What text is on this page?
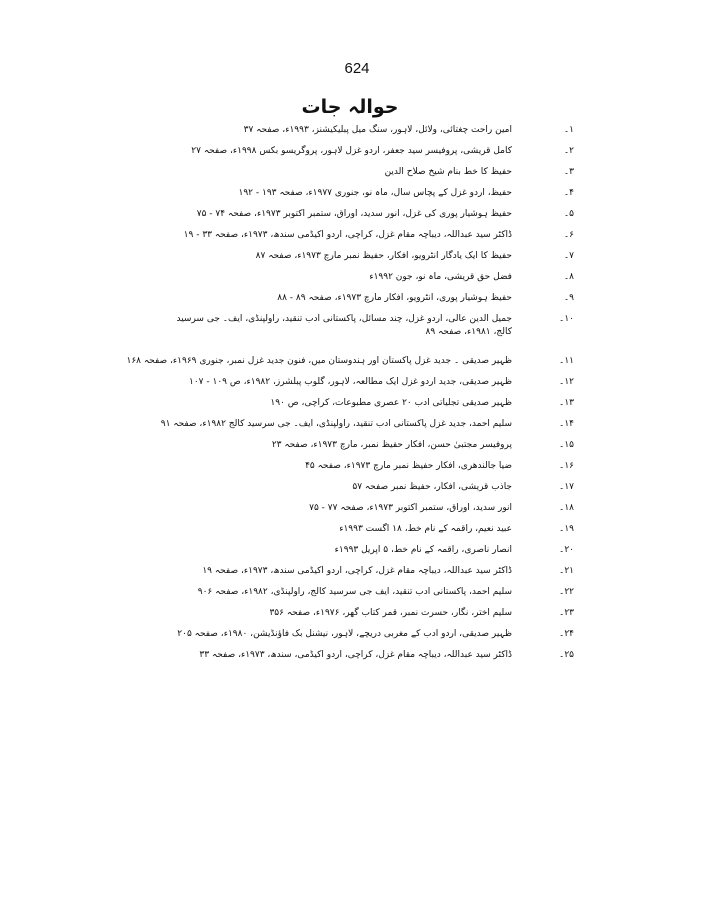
624
حوالہ جات
۱۔
امین راحت چغتائی، ولائل، لاہور، سنگ میل پبلیکیشنز، ۱۹۹۳ء، صفحہ ۳۷
۲۔
کامل قریشی، پروفیسر سید جعفر، اردو غزل لاہور، پروگریسو بکس ۱۹۹۸ء، صفحہ ۲۷
۳۔
حفیظ کا خط بنام شیخ صلاح الدین
۴۔
حفیظ، اردو غزل کے پچاس سال، ماہ نو، جنوری ۱۹۷۷ء، صفحہ ۱۹۳ - ۱۹۲
۵۔
حفیظ ہوشیار پوری کی غزل، انور سدید، اوراق، ستمبر اکتوبر ۱۹۷۳ء، صفحہ ۷۴ - ۷۵
۶۔
ڈاکٹر سید عبداللہ، دیباچہ مقام غزل، کراچی، اردو اکیڈمی سندھ، ۱۹۷۳ء، صفحہ ۳۳ - ۱۹
۷۔
حفیظ کا ایک یادگار انٹرویو، افکار، حفیظ نمبر مارچ ۱۹۷۳ء، صفحہ ۸۷
۸۔
فضل حق قریشی، ماہ نو، جون ۱۹۹۲ء
۹۔
حفیظ ہوشیار پوری، انٹرویو، افکار مارچ ۱۹۷۳ء، صفحہ ۸۹ - ۸۸
۱۰۔
جمیل الدین عالی، اردو غزل، چند مسائل، پاکستانی ادب تنقید، راولپنڈی، ایف۔ جی سرسید کالج، ۱۹۸۱ء، صفحہ ۸۹
۱۱۔
ظہیر صدیقی ۔ جدید غزل پاکستان اور ہندوستان میں، فنون جدید غزل نمبر، جنوری ۱۹۶۹ء، صفحہ ۱۶۸
۱۲۔
ظہیر صدیقی، جدید اردو غزل ایک مطالعہ، لاہور، گلوب پبلشرز، ۱۹۸۲ء، ص ۱۰۹ - ۱۰۷
۱۳۔
ظہیر صدیقی تجلیاتی ادب ۲۰ عصری مطبوعات، کراچی، ص ۱۹۰
۱۴۔
سلیم احمد، جدید غزل پاکستانی ادب تنقید، راولپنڈی، ایف۔ جی سرسید کالج ۱۹۸۲ء، صفحہ ۹۱
۱۵۔
پروفیسر مجتبیٰ حسن، افکار حفیظ نمبر، مارچ ۱۹۷۳ء، صفحہ ۲۳
۱۶۔
ضیا جالندھری، افکار حفیظ نمبر مارچ ۱۹۷۳ء، صفحہ ۴۵
۱۷۔
جاذب قریشی، افکار، حفیظ نمبر صفحہ ۵۷
۱۸۔
انور سدید، اوراق، ستمبر اکتوبر ۱۹۷۳ء، صفحہ ۷۷ - ۷۵
۱۹۔
عبید نعیم، راقمہ کے نام خط، ۱۸ اگست ۱۹۹۳ء
۲۰۔
انصار ناصری، راقمہ کے نام خط، ۵ اپریل ۱۹۹۳ء
۲۱۔
ڈاکٹر سید عبداللہ، دیباچہ مقام غزل، کراچی، اردو اکیڈمی سندھ، ۱۹۷۳ء، صفحہ ۱۹
۲۲۔
سلیم احمد، پاکستانی ادب تنقید، ایف جی سرسید کالج، راولپنڈی، ۱۹۸۲ء، صفحہ ۹۰۶
۲۳۔
سلیم اختر، نگار، حسرت نمبر، قمر کتاب گھر، ۱۹۷۶ء، صفحہ ۳۵۶
۲۴۔
ظہیر صدیقی، اردو ادب کے مغربی دریچے، لاہور، نیشنل بک فاؤنڈیشن، ۱۹۸۰ء، صفحہ ۲۰۵
۲۵۔
ڈاکٹر سید عبداللہ، دیباچہ مقام غزل، کراچی، اردو اکیڈمی، سندھ، ۱۹۷۳ء، صفحہ ۳۳
